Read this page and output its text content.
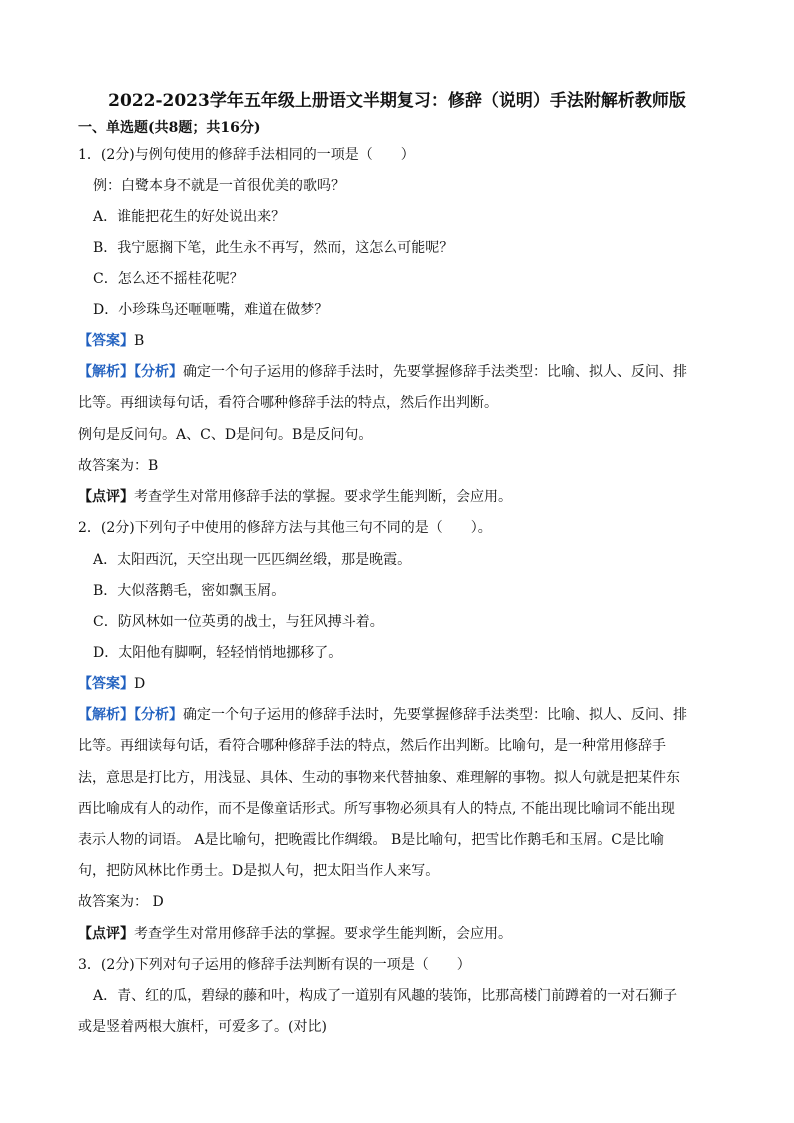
2022-2023学年五年级上册语文半期复习：修辞（说明）手法附解析教师版
一、单选题(共8题；共16分)
1．(2分)与例句使用的修辞手法相同的一项是（　　）
例：白鹭本身不就是一首很优美的歌吗？
A．谁能把花生的好处说出来？
B．我宁愿搁下笔，此生永不再写，然而，这怎么可能呢？
C．怎么还不摇桂花呢？
D．小珍珠鸟还咂咂嘴，难道在做梦？
【答案】B
【解析】【分析】确定一个句子运用的修辞手法时，先要掌握修辞手法类型：比喻、拟人、反问、排
比等。再细读每句话，看符合哪种修辞手法的特点，然后作出判断。
例句是反问句。A、C、D是问句。B是反问句。
故答案为：B
【点评】考查学生对常用修辞手法的掌握。要求学生能判断，会应用。
2．(2分)下列句子中使用的修辞方法与其他三句不同的是（　　）。
A．太阳西沉，天空出现一匹匹绸丝缎，那是晚霞。
B．大似落鹅毛，密如飘玉屑。
C．防风林如一位英勇的战士，与狂风搏斗着。
D．太阳他有脚啊，轻轻悄悄地挪移了。
【答案】D
【解析】【分析】确定一个句子运用的修辞手法时，先要掌握修辞手法类型：比喻、拟人、反问、排
比等。再细读每句话，看符合哪种修辞手法的特点，然后作出判断。比喻句，是一种常用修辞手
法，意思是打比方，用浅显、具体、生动的事物来代替抽象、难理解的事物。拟人句就是把某件东
西比喻成有人的动作，而不是像童话形式。所写事物必须具有人的特点, 不能出现比喻词不能出现
表示人物的词语。 A是比喻句，把晚霞比作绸缎。 B是比喻句，把雪比作鹅毛和玉屑。C是比喻
句，把防风林比作勇士。D是拟人句，把太阳当作人来写。
故答案为： D
【点评】考查学生对常用修辞手法的掌握。要求学生能判断，会应用。
3．(2分)下列对句子运用的修辞手法判断有误的一项是（　　）
A．青、红的瓜，碧绿的藤和叶，构成了一道别有风趣的装饰，比那高楼门前蹲着的一对石狮子
或是竖着两根大旗杆，可爱多了。(对比)
